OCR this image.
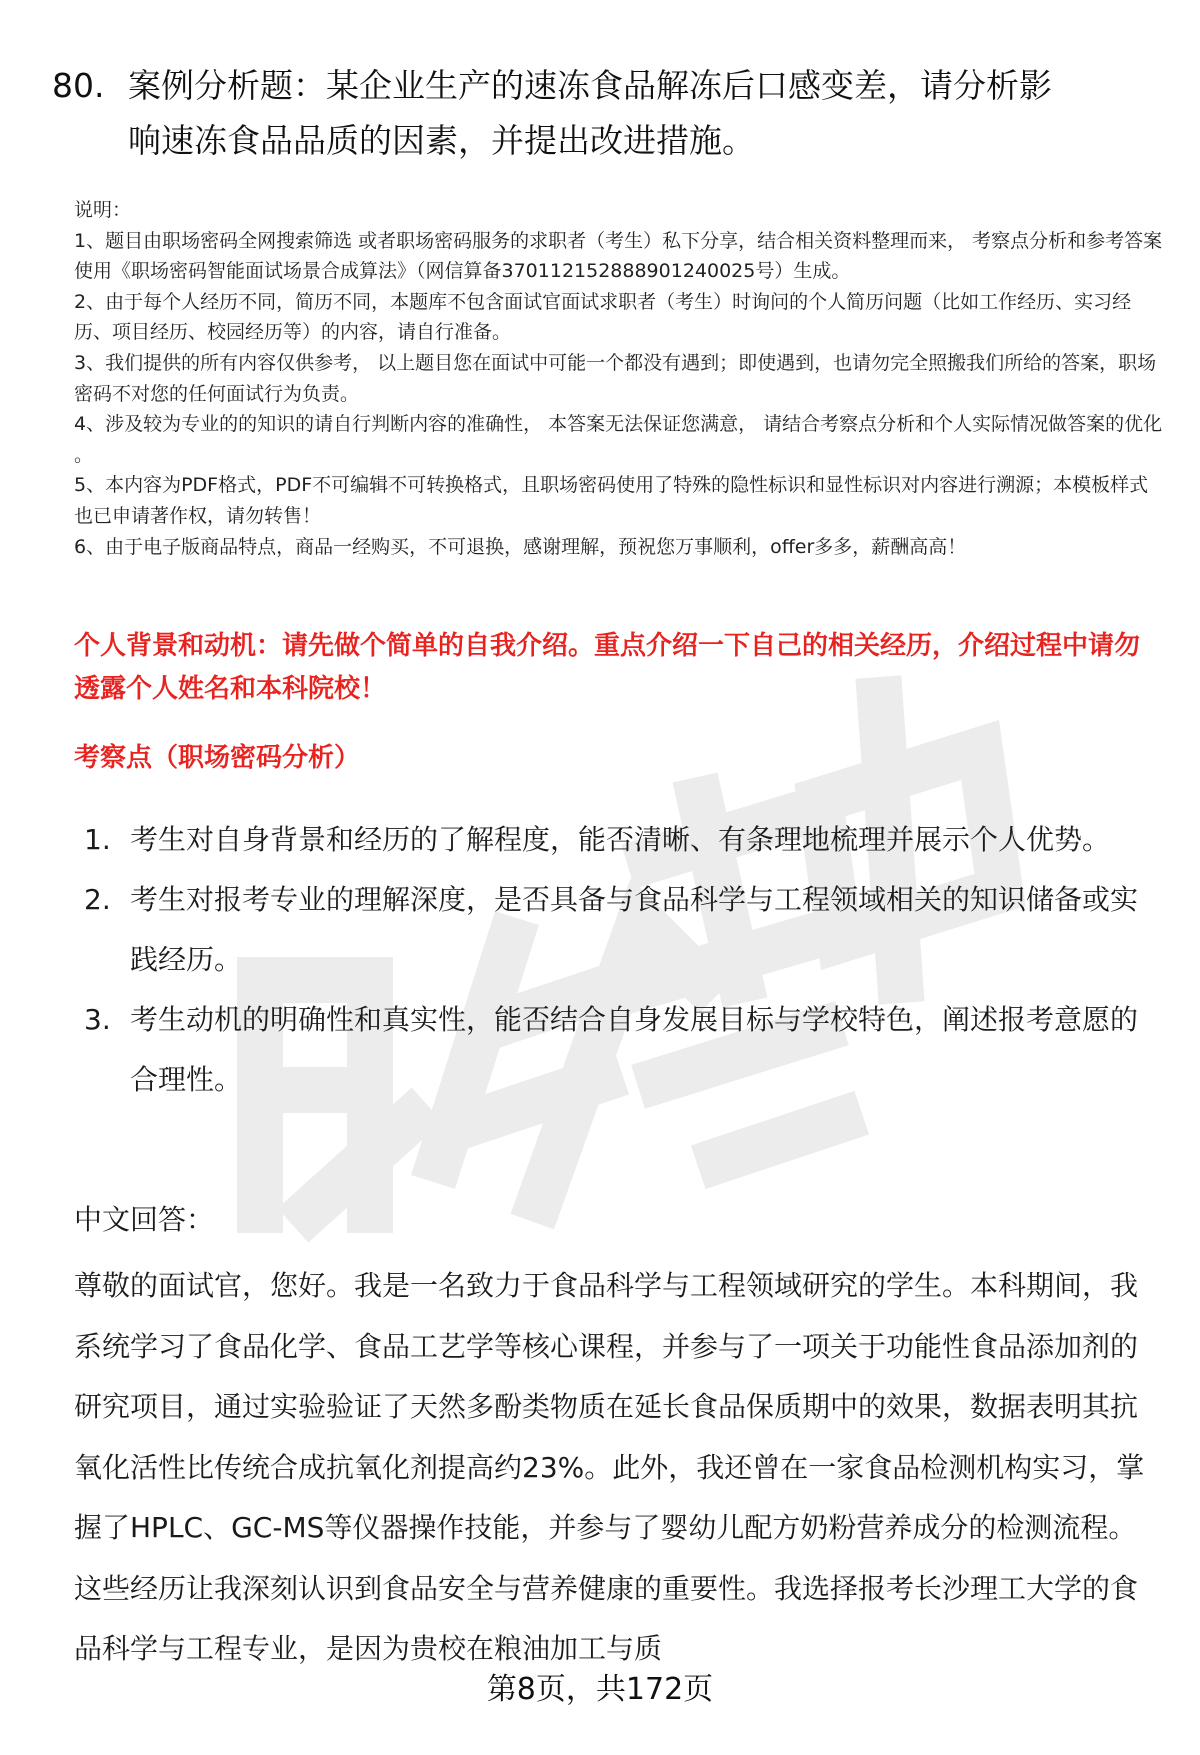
80. 案例分析题：某企业生产的速冻食品解冻后口感变差，请分析影
响速冻食品品质的因素，并提出改进措施。

说明：

1、题目由职场密码全网搜索筛选 或者职场密码服务的求职者（考生）私下分享，结合相关资料整理而来， 考察点分析和参考答案使用《职场密码智能面试场景合成算法》（网信算备370112152888901240025号）生成。

2、由于每个人经历不同，简历不同，本题库不包含面试官面试求职者（考生）时询问的个人简历问题（比如工作经历、实习经历、项目经历、校园经历等）的内容，请自行准备。

3、我们提供的所有内容仅供参考， 以上题目您在面试中可能一个都没有遇到；即使遇到，也请勿完全照搬我们所给的答案，职场密码不对您的任何面试行为负责。

4、涉及较为专业的的知识的请自行判断内容的准确性， 本答案无法保证您满意， 请结合考察点分析和个人实际情况做答案的优化 。

5、本内容为PDF格式，PDF不可编辑不可转换格式，且职场密码使用了特殊的隐性标识和显性标识对内容进行溯源；本模板样式也已申请著作权，请勿转售！

6、由于电子版商品特点，商品一经购买，不可退换，感谢理解，预祝您万事顺利，offer多多，薪酬高高！

个人背景和动机：请先做个简单的自我介绍。重点介绍一下自己的相关经历，介绍过程中请勿透露个人姓名和本科院校！
考察点（职场密码分析）
1. 考生对自身背景和经历的了解程度，能否清晰、有条理地梳理并展示个人优势。
2. 考生对报考专业的理解深度，是否具备与食品科学与工程领域相关的知识储备或实践经历。
3. 考生动机的明确性和真实性，能否结合自身发展目标与学校特色，阐述报考意愿的合理性。

中文回答：

尊敬的面试官，您好。我是一名致力于食品科学与工程领域研究的学生。本科期间，我系统学习了食品化学、食品工艺学等核心课程，并参与了一项关于功能性食品添加剂的研究项目，通过实验验证了天然多酚类物质在延长食品保质期中的效果，数据表明其抗氧化活性比传统合成抗氧化剂提高约23%。此外，我还曾在一家食品检测机构实习，掌握了HPLC、GC-MS等仪器操作技能，并参与了婴幼儿配方奶粉营养成分的检测流程。这些经历让我深刻认识到食品安全与营养健康的重要性。我选择报考长沙理工大学的食品科学与工程专业，是因为贵校在粮油加工与质

第8页，共172页
